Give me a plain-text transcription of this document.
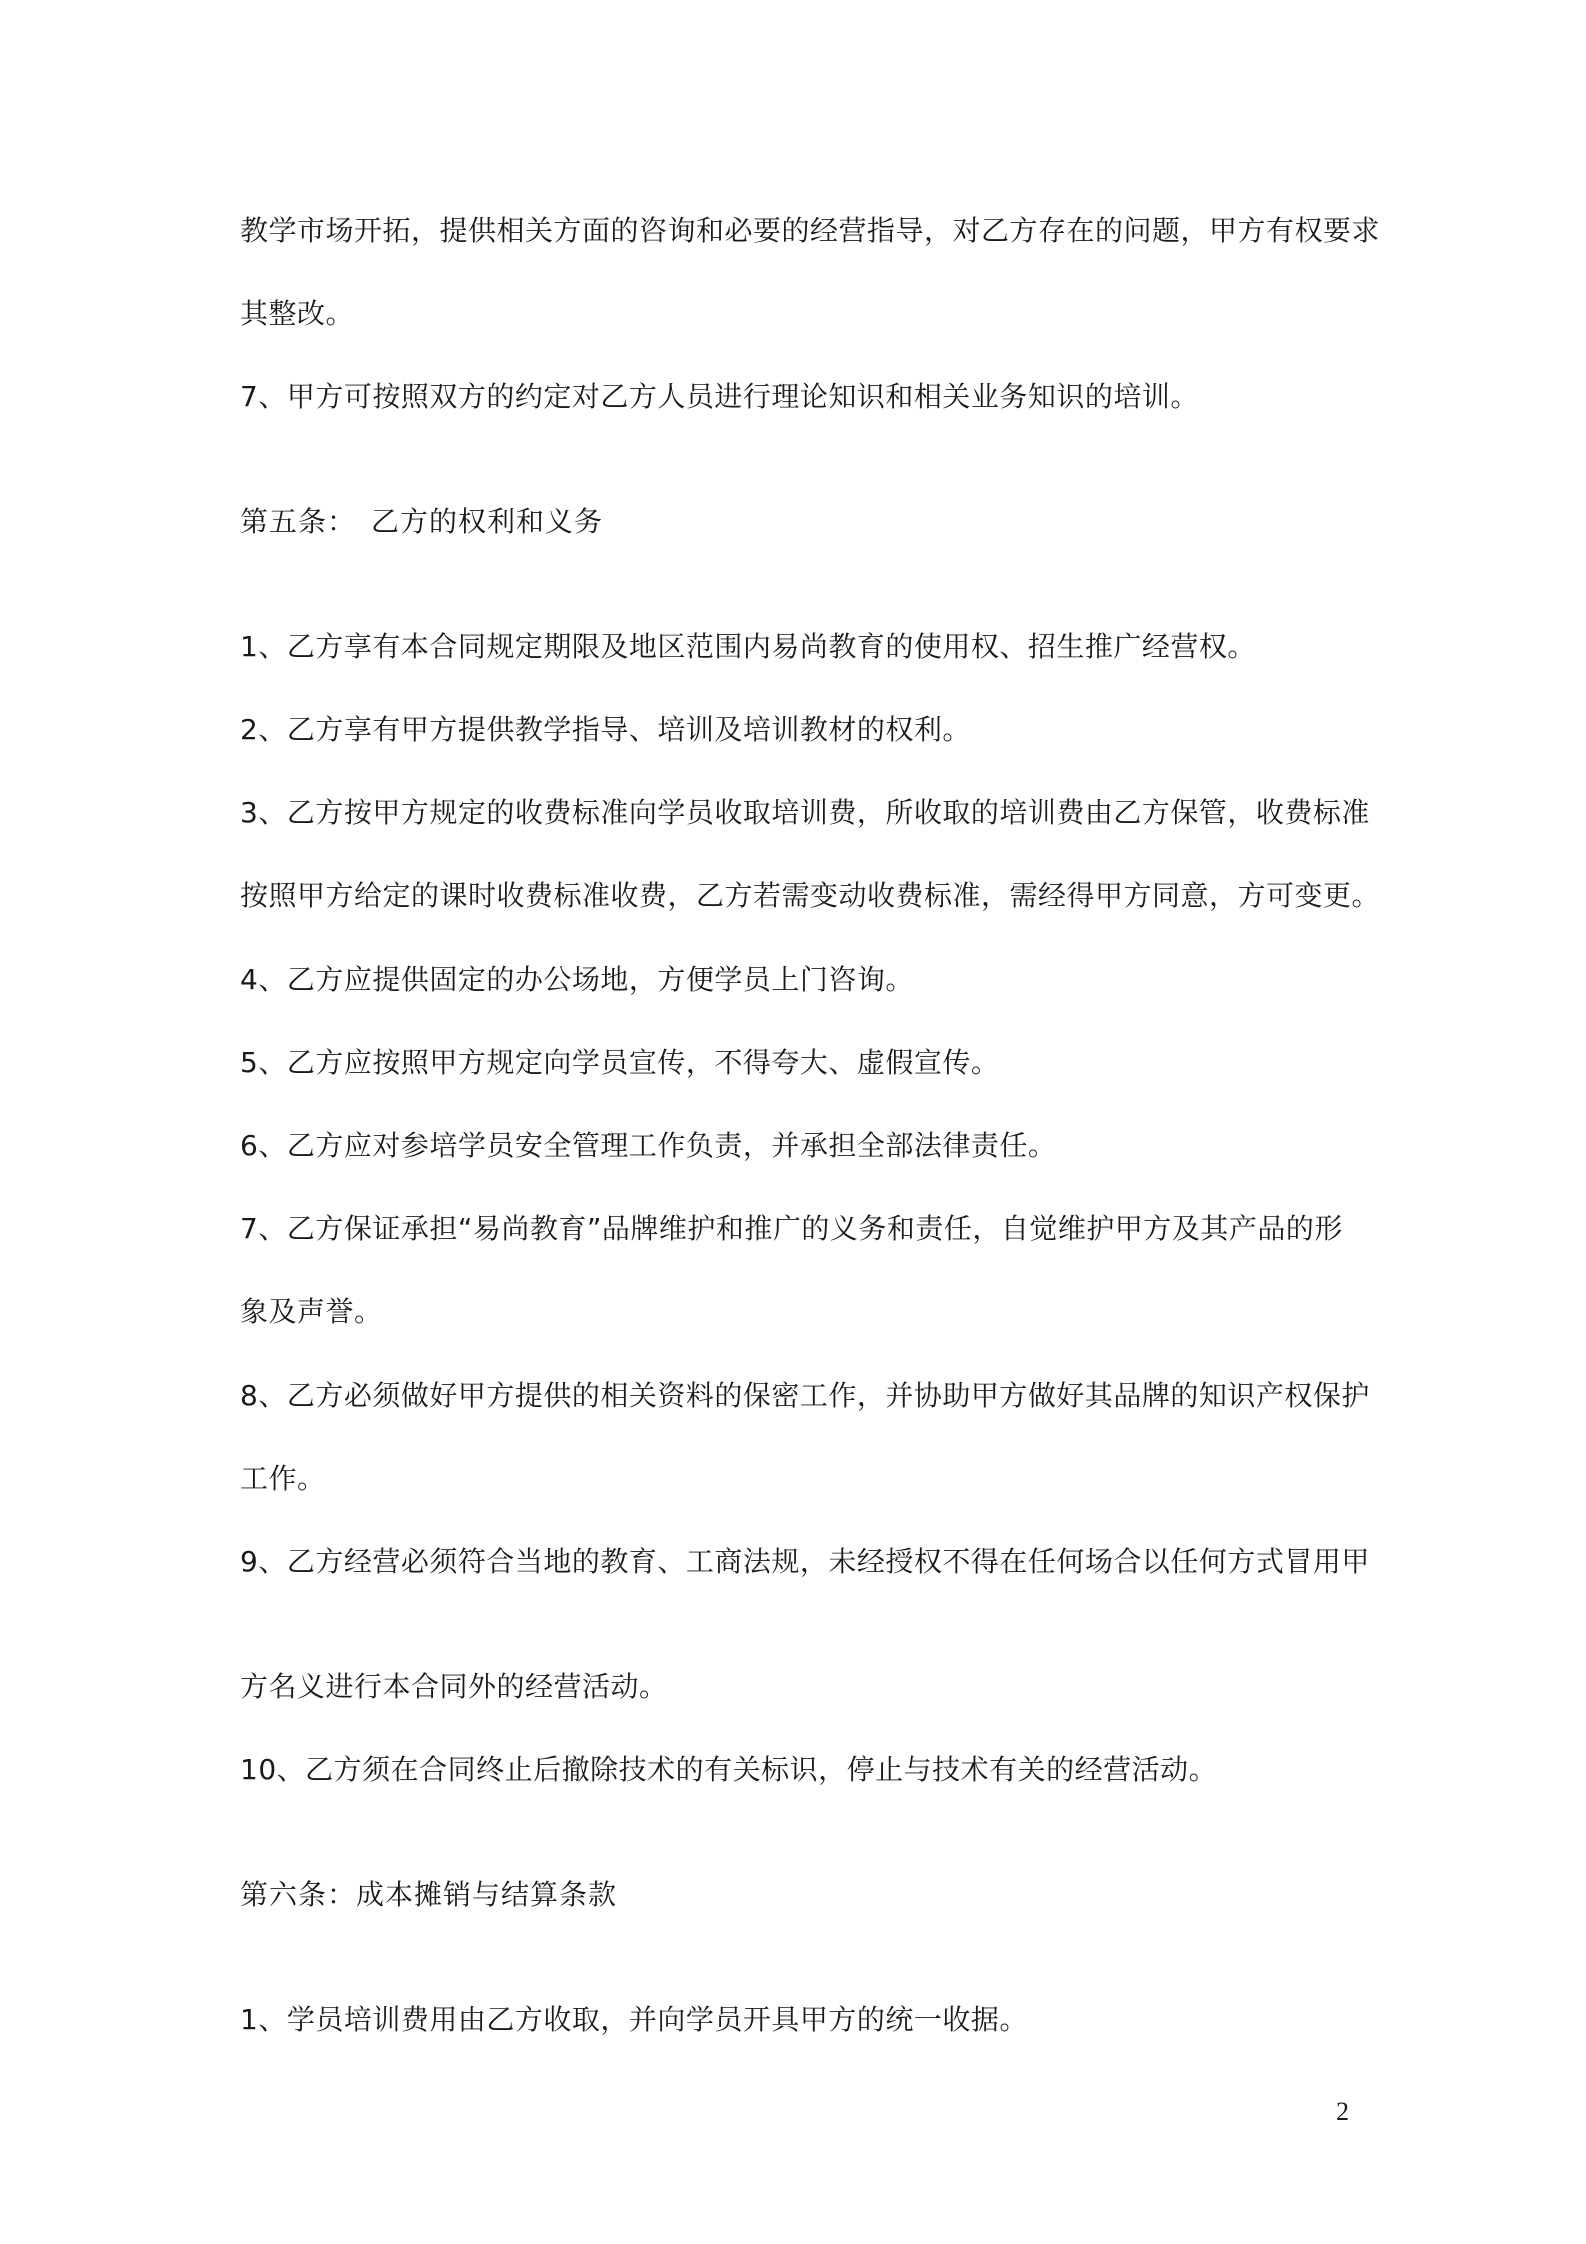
教学市场开拓，提供相关方面的咨询和必要的经营指导，对乙方存在的问题，甲方有权要求
其整改。
7、甲方可按照双方的约定对乙方人员进行理论知识和相关业务知识的培训。
第五条：　乙方的权利和义务
1、乙方享有本合同规定期限及地区范围内易尚教育的使用权、招生推广经营权。
2、乙方享有甲方提供教学指导、培训及培训教材的权利。
3、乙方按甲方规定的收费标准向学员收取培训费，所收取的培训费由乙方保管，收费标准
按照甲方给定的课时收费标准收费，乙方若需变动收费标准，需经得甲方同意，方可变更。
4、乙方应提供固定的办公场地，方便学员上门咨询。
5、乙方应按照甲方规定向学员宣传，不得夸大、虚假宣传。
6、乙方应对参培学员安全管理工作负责，并承担全部法律责任。
7、乙方保证承担“易尚教育”品牌维护和推广的义务和责任，自觉维护甲方及其产品的形
象及声誉。
8、乙方必须做好甲方提供的相关资料的保密工作，并协助甲方做好其品牌的知识产权保护
工作。
9、乙方经营必须符合当地的教育、工商法规，未经授权不得在任何场合以任何方式冒用甲
方名义进行本合同外的经营活动。
10、乙方须在合同终止后撤除技术的有关标识，停止与技术有关的经营活动。
第六条：成本摊销与结算条款
1、学员培训费用由乙方收取，并向学员开具甲方的统一收据。
2
